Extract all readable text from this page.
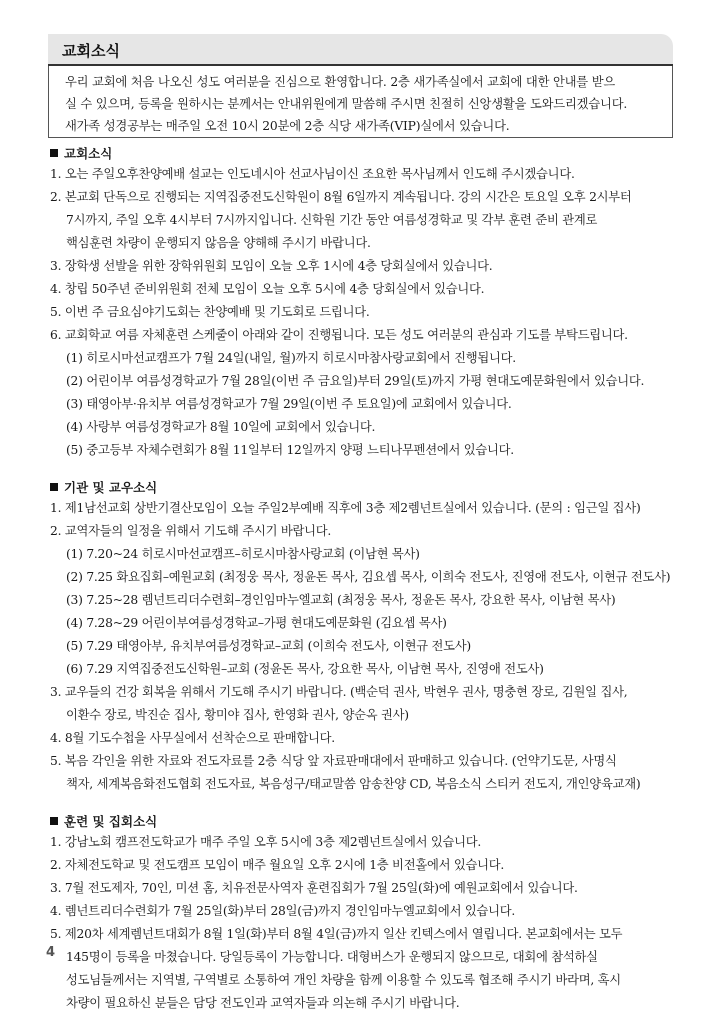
교회소식
우리 교회에 처음 나오신 성도 여러분을 진심으로 환영합니다. 2층 새가족실에서 교회에 대한 안내를 받으
실 수 있으며, 등록을 원하시는 분께서는 안내위원에게 말씀해 주시면 친절히 신앙생활을 도와드리겠습니다.
새가족 성경공부는 매주일 오전 10시 20분에 2층 식당 새가족(VIP)실에서 있습니다.
교회소식
1. 오는 주일오후찬양예배 설교는 인도네시아 선교사님이신 조요한 목사님께서 인도해 주시겠습니다.
2. 본교회 단독으로 진행되는 지역집중전도신학원이 8월 6일까지 계속됩니다. 강의 시간은 토요일 오후 2시부터
7시까지, 주일 오후 4시부터 7시까지입니다. 신학원 기간 동안 여름성경학교 및 각부 훈련 준비 관계로
핵심훈련 차량이 운행되지 않음을 양해해 주시기 바랍니다.
3. 장학생 선발을 위한 장학위원회 모임이 오늘 오후 1시에 4층 당회실에서 있습니다.
4. 창립 50주년 준비위원회 전체 모임이 오늘 오후 5시에 4층 당회실에서 있습니다.
5. 이번 주 금요심야기도회는 찬양예배 및 기도회로 드립니다.
6. 교회학교 여름 자체훈련 스케줄이 아래와 같이 진행됩니다. 모든 성도 여러분의 관심과 기도를 부탁드립니다.
(1) 히로시마선교캠프가 7월 24일(내일, 월)까지 히로시마참사랑교회에서 진행됩니다.
(2) 어린이부 여름성경학교가 7월 28일(이번 주 금요일)부터 29일(토)까지 가평 현대도예문화원에서 있습니다.
(3) 태영아부·유치부 여름성경학교가 7월 29일(이번 주 토요일)에 교회에서 있습니다.
(4) 사랑부 여름성경학교가 8월 10일에 교회에서 있습니다.
(5) 중고등부 자체수련회가 8월 11일부터 12일까지 양평 느티나무펜션에서 있습니다.
기관 및 교우소식
1. 제1남선교회 상반기결산모임이 오늘 주일2부예배 직후에 3층 제2렘넌트실에서 있습니다. (문의 : 임근일 집사)
2. 교역자들의 일정을 위해서 기도해 주시기 바랍니다.
(1) 7.20~24 히로시마선교캠프–히로시마참사랑교회 (이남현 목사)
(2) 7.25 화요집회–예원교회 (최정웅 목사, 정윤돈 목사, 김요셉 목사, 이희숙 전도사, 진영애 전도사, 이현규 전도사)
(3) 7.25~28 렘넌트리더수련회–경인임마누엘교회 (최정웅 목사, 정윤돈 목사, 강요한 목사, 이남현 목사)
(4) 7.28~29 어린이부여름성경학교–가평 현대도예문화원 (김요셉 목사)
(5) 7.29 태영아부, 유치부여름성경학교–교회 (이희숙 전도사, 이현규 전도사)
(6) 7.29 지역집중전도신학원–교회 (정윤돈 목사, 강요한 목사, 이남현 목사, 진영애 전도사)
3. 교우들의 건강 회복을 위해서 기도해 주시기 바랍니다. (백순덕 권사, 박현우 권사, 명충현 장로, 김원일 집사,
이환수 장로, 박진순 집사, 황미야 집사, 한영화 권사, 양순옥 권사)
4. 8월 기도수첩을 사무실에서 선착순으로 판매합니다.
5. 복음 각인을 위한 자료와 전도자료를 2층 식당 앞 자료판매대에서 판매하고 있습니다. (언약기도문, 사명식
책자, 세계복음화전도협회 전도자료, 복음성구/태교말씀 암송찬양 CD, 복음소식 스티커 전도지, 개인양육교재)
훈련 및 집회소식
1. 강남노회 캠프전도학교가 매주 주일 오후 5시에 3층 제2렘넌트실에서 있습니다.
2. 자체전도학교 및 전도캠프 모임이 매주 월요일 오후 2시에 1층 비전홀에서 있습니다.
3. 7월 전도제자, 70인, 미션 홈, 치유전문사역자 훈련집회가 7월 25일(화)에 예원교회에서 있습니다.
4. 렘넌트리더수련회가 7월 25일(화)부터 28일(금)까지 경인임마누엘교회에서 있습니다.
5. 제20차 세계렘넌트대회가 8월 1일(화)부터 8월 4일(금)까지 일산 킨텍스에서 열립니다. 본교회에서는 모두
145명이 등록을 마쳤습니다. 당일등록이 가능합니다. 대형버스가 운행되지 않으므로, 대회에 참석하실
성도님들께서는 지역별, 구역별로 소통하여 개인 차량을 함께 이용할 수 있도록 협조해 주시기 바라며, 혹시
차량이 필요하신 분들은 담당 전도인과 교역자들과 의논해 주시기 바랍니다.
4
